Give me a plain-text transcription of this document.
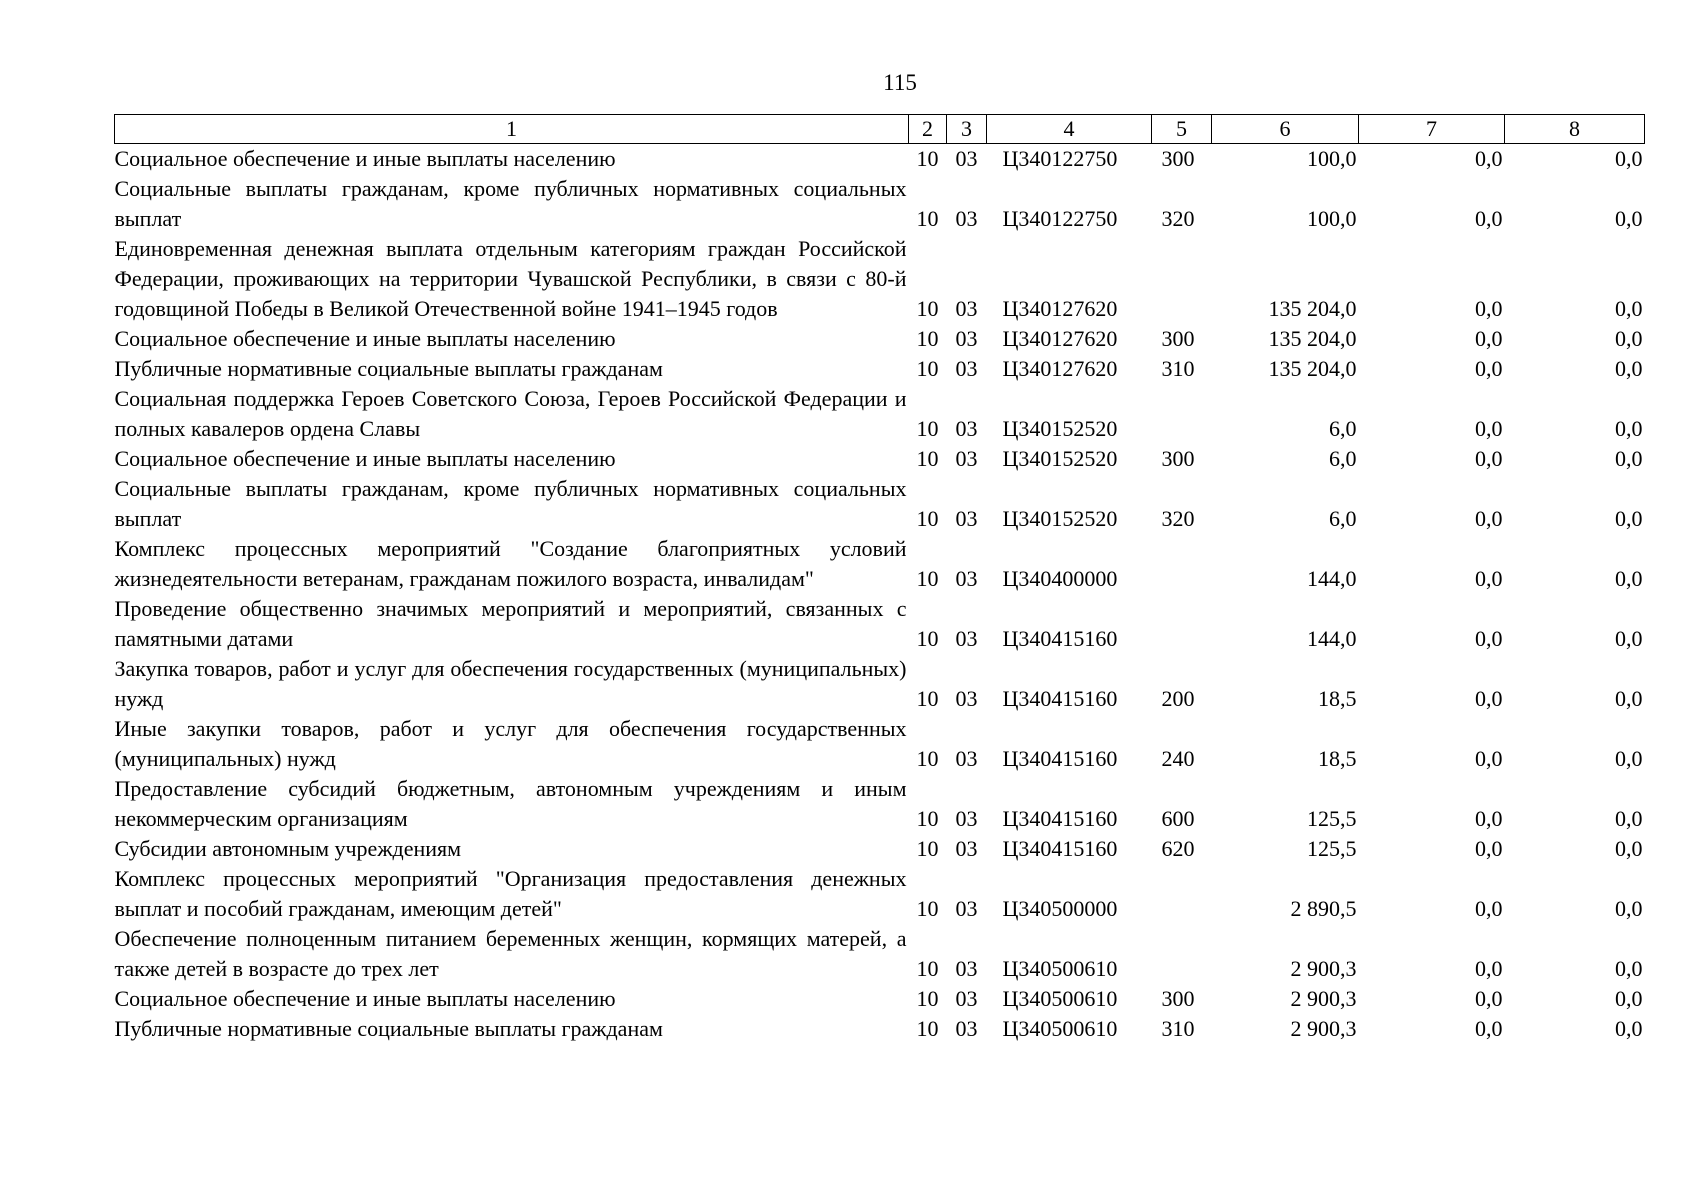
115
1	2	3	4	5	6	7	8
Социальное обеспечение и иные выплаты населению	10	03	Ц340122750	300	100,0	0,0	0,0
Социальные выплаты гражданам, кроме публичных нормативных социальных выплат	10	03	Ц340122750	320	100,0	0,0	0,0
Единовременная денежная выплата отдельным категориям граждан Российской Федерации, проживающих на территории Чувашской Республики, в связи с 80-й годовщиной Победы в Великой Отечественной войне 1941–1945 годов	10	03	Ц340127620		135 204,0	0,0	0,0
Социальное обеспечение и иные выплаты населению	10	03	Ц340127620	300	135 204,0	0,0	0,0
Публичные нормативные социальные выплаты гражданам	10	03	Ц340127620	310	135 204,0	0,0	0,0
Социальная поддержка Героев Советского Союза, Героев Российской Федерации и полных кавалеров ордена Славы	10	03	Ц340152520		6,0	0,0	0,0
Социальное обеспечение и иные выплаты населению	10	03	Ц340152520	300	6,0	0,0	0,0
Социальные выплаты гражданам, кроме публичных нормативных социальных выплат	10	03	Ц340152520	320	6,0	0,0	0,0
Комплекс процессных мероприятий "Создание благоприятных условий жизнедеятельности ветеранам, гражданам пожилого возраста, инвалидам"	10	03	Ц340400000		144,0	0,0	0,0
Проведение общественно значимых мероприятий и мероприятий, связанных с памятными датами	10	03	Ц340415160		144,0	0,0	0,0
Закупка товаров, работ и услуг для обеспечения государственных (муниципальных) нужд	10	03	Ц340415160	200	18,5	0,0	0,0
Иные закупки товаров, работ и услуг для обеспечения государственных (муниципальных) нужд	10	03	Ц340415160	240	18,5	0,0	0,0
Предоставление субсидий бюджетным, автономным учреждениям и иным некоммерческим организациям	10	03	Ц340415160	600	125,5	0,0	0,0
Субсидии автономным учреждениям	10	03	Ц340415160	620	125,5	0,0	0,0
Комплекс процессных мероприятий "Организация предоставления денежных выплат и пособий гражданам, имеющим детей"	10	03	Ц340500000		2 890,5	0,0	0,0
Обеспечение полноценным питанием беременных женщин, кормящих матерей, а также детей в возрасте до трех лет	10	03	Ц340500610		2 900,3	0,0	0,0
Социальное обеспечение и иные выплаты населению	10	03	Ц340500610	300	2 900,3	0,0	0,0
Публичные нормативные социальные выплаты гражданам	10	03	Ц340500610	310	2 900,3	0,0	0,0
